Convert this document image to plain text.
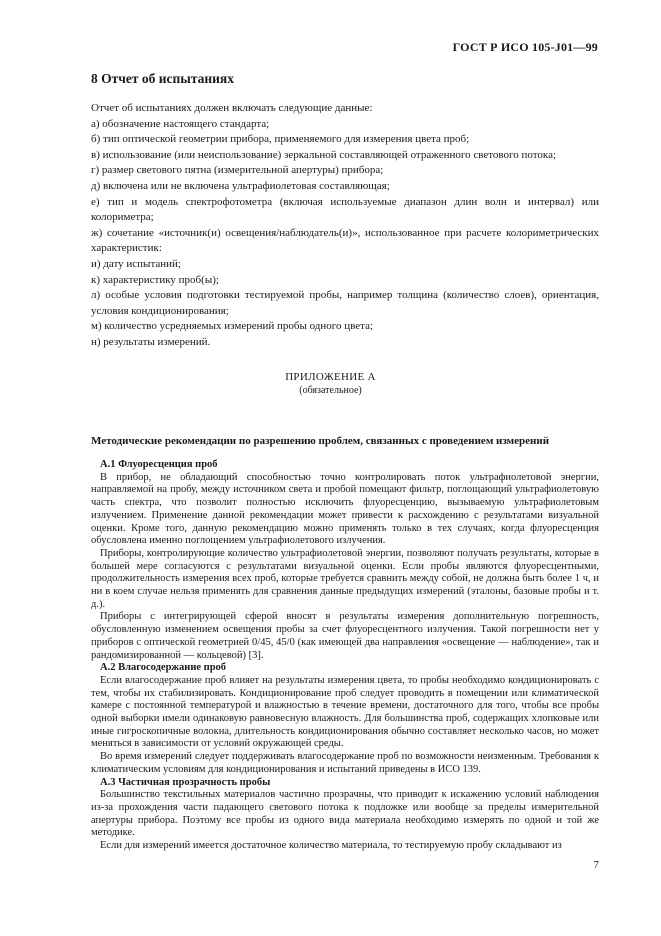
ГОСТ Р ИСО 105-J01—99
8 Отчет об испытаниях

Отчет об испытаниях должен включать следующие данные:

а) обозначение настоящего стандарта;

б) тип оптической геометрии прибора, применяемого для измерения цвета проб;

в) использование (или неиспользование) зеркальной составляющей отраженного светового потока;

г) размер светового пятна (измерительной апертуры) прибора;

д) включена или не включена ультрафиолетовая составляющая;

е) тип и модель спектрофотометра (включая используемые диапазон длин волн и интервал) или колориметра;

ж) сочетание «источник(и) освещения/наблюдатель(и)», использованное при расчете колориметрических характеристик:

и) дату испытаний;

к) характеристику проб(ы);

л) особые условия подготовки тестируемой пробы, например толщина (количество слоев), ориентация, условия кондиционирования;

м) количество усредняемых измерений пробы одного цвета;

н) результаты измерений.

ПРИЛОЖЕНИЕ А
(обязательное)
Методические рекомендации по разрешению проблем, связанных с проведением измерений

А.1 Флуоресценция проб

В прибор, не обладающий способностью точно контролировать поток ультрафиолетовой энергии, направляемой на пробу, между источником света и пробой помещают фильтр, поглощающий ультрафиолетовую часть спектра, что позволит полностью исключить флуоресценцию, вызываемую ультрафиолетовым излучением. Применение данной рекомендации может привести к расхождению с результатами визуальной оценки. Кроме того, данную рекомендацию можно применять только в тех случаях, когда флуоресценция обусловлена именно поглощением ультрафиолетового излучения.

Приборы, контролирующие количество ультрафиолетовой энергии, позволяют получать результаты, которые в большей мере согласуются с результатами визуальной оценки. Если пробы являются флуоресцентными, продолжительность измерения всех проб, которые требуется сравнить между собой, не должна быть более 1 ч, и ни в коем случае нельзя применять для сравнения данные предыдущих измерений (эталоны, базовые пробы и т. д.).

Приборы с интегрирующей сферой вносят в результаты измерения дополнительную погрешность, обусловленную изменением освещения пробы за счет флуоресцентного излучения. Такой погрешности нет у приборов с оптической геометрией 0/45, 45/0 (как имеющей два направления «освещение — наблюдение», так и рандомизированной — кольцевой) [3].

А.2 Влагосодержание проб

Если влагосодержание проб влияет на результаты измерения цвета, то пробы необходимо кондиционировать с тем, чтобы их стабилизировать. Кондиционирование проб следует проводить в помещении или климатической камере с постоянной температурой и влажностью в течение времени, достаточного для того, чтобы все пробы одной выборки имели одинаковую равновесную влажность. Для большинства проб, содержащих хлопковые или иные гигроскопичные волокна, длительность кондиционирования обычно составляет несколько часов, но может меняться в зависимости от условий окружающей среды.

Во время измерений следует поддерживать влагосодержание проб по возможности неизменным. Требования к климатическим условиям для кондиционирования и испытаний приведены в ИСО 139.

А.3 Частичная прозрачность пробы

Большинство текстильных материалов частично прозрачны, что приводит к искажению условий наблюдения из-за прохождения части падающего светового потока к подложке или вообще за пределы измерительной апертуры прибора. Поэтому все пробы из одного вида материала необходимо измерять по одной и той же методике.

Если для измерений имеется достаточное количество материала, то тестируемую пробу складывают из

7
